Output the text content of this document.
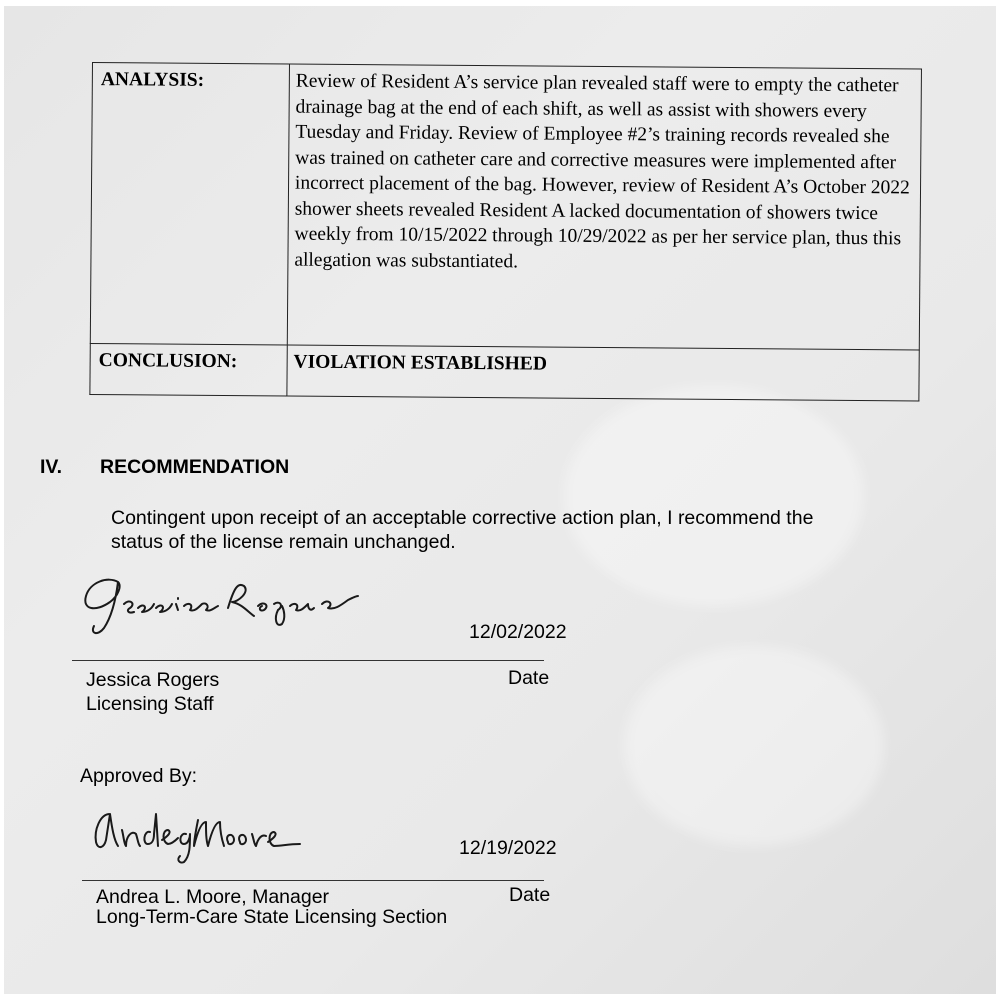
ANALYSIS:	Review of Resident A’s service plan revealed staff were to empty the catheter drainage bag at the end of each shift, as well as assist with showers every Tuesday and Friday. Review of Employee #2’s training records revealed she was trained on catheter care and corrective measures were implemented after incorrect placement of the bag. However, review of Resident A’s October 2022 shower sheets revealed Resident A lacked documentation of showers twice weekly from 10/15/2022 through 10/29/2022 as per her service plan, thus this allegation was substantiated.
CONCLUSION:	VIOLATION ESTABLISHED
IV. RECOMMENDATION
Contingent upon receipt of an acceptable corrective action plan, I recommend the
status of the license remain unchanged.
12/02/2022
Jessica Rogers	Date
Licensing Staff
Approved By:
12/19/2022
Andrea L. Moore, Manager	Date
Long-Term-Care State Licensing Section
